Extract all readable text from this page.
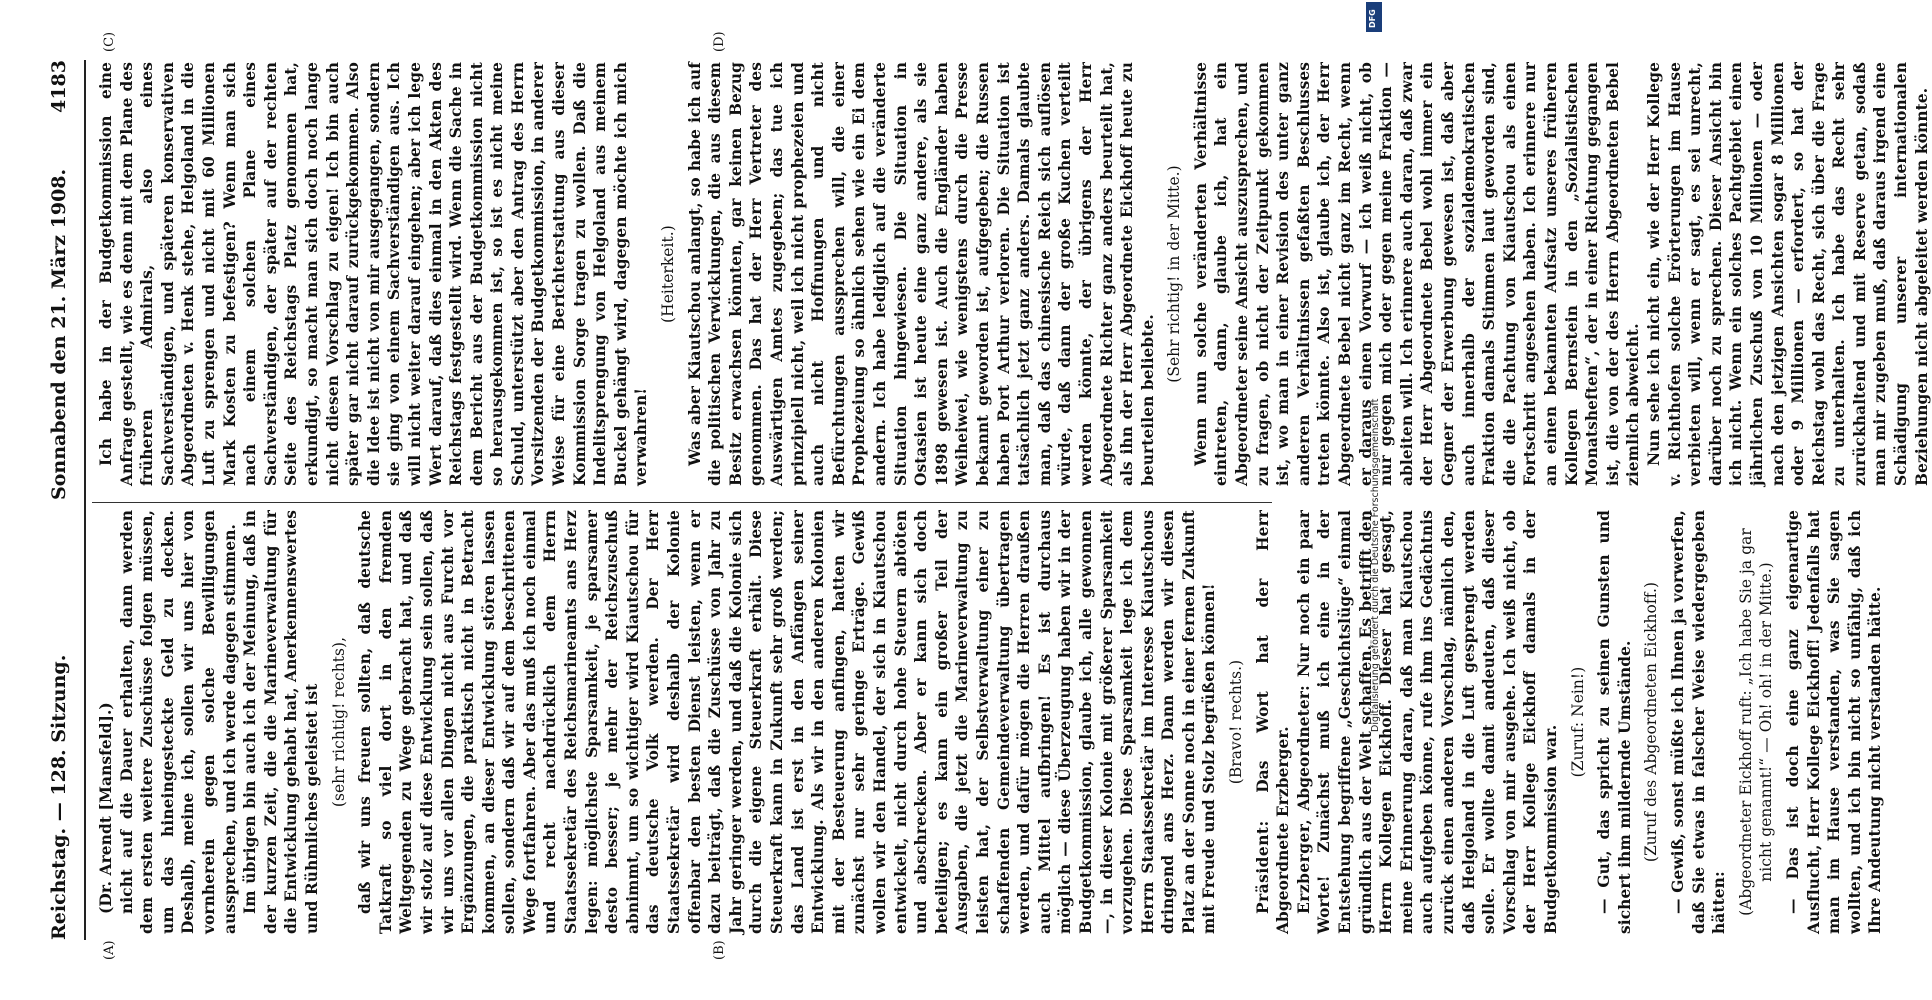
Reichstag. — 128. Sitzung.
Sonnabend den 21. März 1908.
4183
(A)	(B)
(C)	(D)

(Dr. Arendt [Mansfeld].) nicht auf die Dauer erhalten, dann werden dem ersten weitere Zuschüsse folgen müssen, um das hineingesteckte Geld zu decken. Deshalb, meine ich, sollen wir uns hier von vornherein gegen solche Bewilligungen aussprechen, und ich werde dagegen stimmen. Im übrigen bin auch ich der Meinung, daß in der kurzen Zeit, die die Marineverwaltung für die Entwicklung gehabt hat, Anerkennenswertes und Rühmliches geleistet ist (sehr richtig! rechts), daß wir uns freuen sollten, daß deutsche Tatkraft so viel dort in den fremden Weltgegenden zu Wege gebracht hat, und daß wir stolz auf diese Entwicklung sein sollen, daß wir uns vor allen Dingen nicht aus Furcht vor Ergänzungen, die praktisch nicht in Betracht kommen, an dieser Entwicklung stören lassen sollen, sondern daß wir auf dem beschrittenen Wege fortfahren. Aber das muß ich noch einmal und recht nachdrücklich dem Herrn Staatssekretär des Reichsmarineamts ans Herz legen: möglichste Sparsamkeit, je sparsamer desto besser; je mehr der Reichszuschuß abnimmt, um so wichtiger wird Kiautschou für das deutsche Volk werden. Der Herr Staatssekretär wird deshalb der Kolonie offenbar den besten Dienst leisten, wenn er dazu beiträgt, daß die Zuschüsse von Jahr zu Jahr geringer werden, und daß die Kolonie sich durch die eigene Steuerkraft erhält. Diese Steuerkraft kann in Zukunft sehr groß werden; das Land ist erst in den Anfängen seiner Entwicklung. Als wir in den anderen Kolonien mit der Besteuerung anfingen, hatten wir zunächst nur sehr geringe Erträge. Gewiß wollen wir den Handel, der sich in Kiautschou entwickelt, nicht durch hohe Steuern abtöten und abschrecken. Aber er kann sich doch beteiligen; es kann ein großer Teil der Ausgaben, die jetzt die Marineverwaltung zu leisten hat, der Selbstverwaltung einer zu schaffenden Gemeindeverwaltung übertragen werden, und dafür mögen die Herren draußen auch Mittel aufbringen! Es ist durchaus möglich — diese Überzeugung haben wir in der Budgetkommission, glaube ich, alle gewonnen —, in dieser Kolonie mit größerer Sparsamkeit vorzugehen. Diese Sparsamkeit lege ich dem Herrn Staatssekretär im Interesse Kiautschous dringend ans Herz. Dann werden wir diesen Platz an der Sonne noch in einer fernen Zukunft mit Freude und Stolz begrüßen können! (Bravo! rechts.)

Präsident: Das Wort hat der Herr Abgeordnete Erzberger. Erzberger, Abgeordneter: Nur noch ein paar Worte! Zunächst muß ich eine in der Entstehung begriffene „Geschichtslüge“ einmal gründlich aus der Welt schaffen. Es betrifft den Herrn Kollegen Eickhoff. Dieser hat gesagt, meine Erinnerung daran, daß man Kiautschou auch aufgeben könne, rufe ihm ins Gedächtnis zurück einen anderen Vorschlag, nämlich den, daß Helgoland in die Luft gesprengt werden solle. Er wollte damit andeuten, daß dieser Vorschlag von mir ausgehe. Ich weiß nicht, ob der Herr Kollege Eickhoff damals in der Budgetkommission war.

(Zuruf: Nein!) — Gut, das spricht zu seinen Gunsten und sichert ihm mildernde Umstände. (Zuruf des Abgeordneten Eickhoff.) — Gewiß, sonst müßte ich Ihnen ja vorwerfen, daß Sie etwas in falscher Weise wiedergegeben hätten: (Abgeordneter Eickhoff ruft: „Ich habe Sie ja gar nicht genannt!“ — Oh! oh! in der Mitte.) — Das ist doch eine ganz eigenartige Ausflucht, Herr Kollege Eickhoff! Jedenfalls hat man im Hause verstanden, was Sie sagen wollten, und ich bin nicht so unfähig, daß ich Ihre Andeutung nicht verstanden hätte.

Ich habe in der Budgetkommission eine Anfrage gestellt, wie es denn mit dem Plane des früheren Admirals, also eines Sachverständigen, und späteren konservativen Abgeordneten v. Henk stehe, Helgoland in die Luft zu sprengen und nicht mit 60 Millionen Mark Kosten zu befestigen? Wenn man sich nach einem solchen Plane eines Sachverständigen, der später auf der rechten Seite des Reichstags Platz genommen hat, erkundigt, so macht man sich doch noch lange nicht diesen Vorschlag zu eigen! Ich bin auch später gar nicht darauf zurückgekommen. Also die Idee ist nicht von mir ausgegangen, sondern sie ging von einem Sachverständigen aus. Ich will nicht weiter darauf eingehen; aber ich lege Wert darauf, daß dies einmal in den Akten des Reichstags festgestellt wird. Wenn die Sache in dem Bericht aus der Budgetkommission nicht so herausgekommen ist, so ist es nicht meine Schuld, unterstützt aber den Antrag des Herrn Vorsitzenden der Budgetkommission, in anderer Weise für eine Berichterstattung aus dieser Kommission Sorge tragen zu wollen. Daß die Indelitsprengung von Helgoland aus meinem Buckel gehängt wird, dagegen möchte ich mich verwahren!

(Heiterkeit.) Was aber Kiautschou anlangt, so habe ich auf die politischen Verwicklungen, die aus diesem Besitz erwachsen könnten, gar keinen Bezug genommen. Das hat der Herr Vertreter des Auswärtigen Amtes zugegeben; das tue ich prinzipiell nicht, weil ich nicht prophezeien und auch nicht Hoffnungen und nicht Befürchtungen aussprechen will, die einer Prophezeiung so ähnlich sehen wie ein Ei dem andern. Ich habe lediglich auf die veränderte Situation hingewiesen. Die Situation in Ostasien ist heute eine ganz andere, als sie 1898 gewesen ist. Auch die Engländer haben Weiheiwei, wie wenigstens durch die Presse bekannt geworden ist, aufgegeben; die Russen haben Port Arthur verloren. Die Situation ist tatsächlich jetzt ganz anders. Damals glaubte man, daß das chinesische Reich sich auflösen würde, daß dann der große Kuchen verteilt werden könnte, der übrigens der Herr Abgeordnete Richter ganz anders beurteilt hat, als ihn der Herr Abgeordnete Eickhoff heute zu beurteilen beliebte.

(Sehr richtig! in der Mitte.) Wenn nun solche veränderten Verhältnisse eintreten, dann, glaube ich, hat ein Abgeordneter seine Ansicht auszusprechen, und zu fragen, ob nicht der Zeitpunkt gekommen ist, wo man in einer Revision des unter ganz anderen Verhältnissen gefaßten Beschlusses treten könnte. Also ist, glaube ich, der Herr Abgeordnete Bebel nicht ganz im Recht, wenn er daraus einen Vorwurf — ich weiß nicht, ob nur gegen mich oder gegen meine Fraktion — ableiten will. Ich erinnere auch daran, daß zwar der Herr Abgeordnete Bebel wohl immer ein Gegner der Erwerbung gewesen ist, daß aber auch innerhalb der sozialdemokratischen Fraktion damals Stimmen laut geworden sind, die die Pachtung von Kiautschou als einen Fortschritt angesehen haben. Ich erinnere nur an einen bekannten Aufsatz unseres früheren Kollegen Bernstein in den „Sozialistischen Monatsheften“, der in einer Richtung gegangen ist, die von der des Herrn Abgeordneten Bebel ziemlich abweicht. Nun sehe ich nicht ein, wie der Herr Kollege v. Richthofen solche Erörterungen im Hause verbieten will, wenn er sagt, es sei unrecht, darüber noch zu sprechen. Dieser Ansicht bin ich nicht. Wenn ein solches Pachtgebiet einen jährlichen Zuschuß von 10 Millionen — oder nach den jetzigen Ansichten sogar 8 Millionen oder 9 Millionen — erfordert, so hat der Reichstag wohl das Recht, sich über die Frage zu unterhalten. Ich habe das Recht sehr zurückhaltend und mit Reserve getan, sodaß man mir zugeben muß, daß daraus irgend eine Schädigung unserer internationalen Beziehungen nicht abgeleitet werden könnte.

DFG
Digitalisierung gefördert durch die Deutsche Forschungsgemeinschaft
